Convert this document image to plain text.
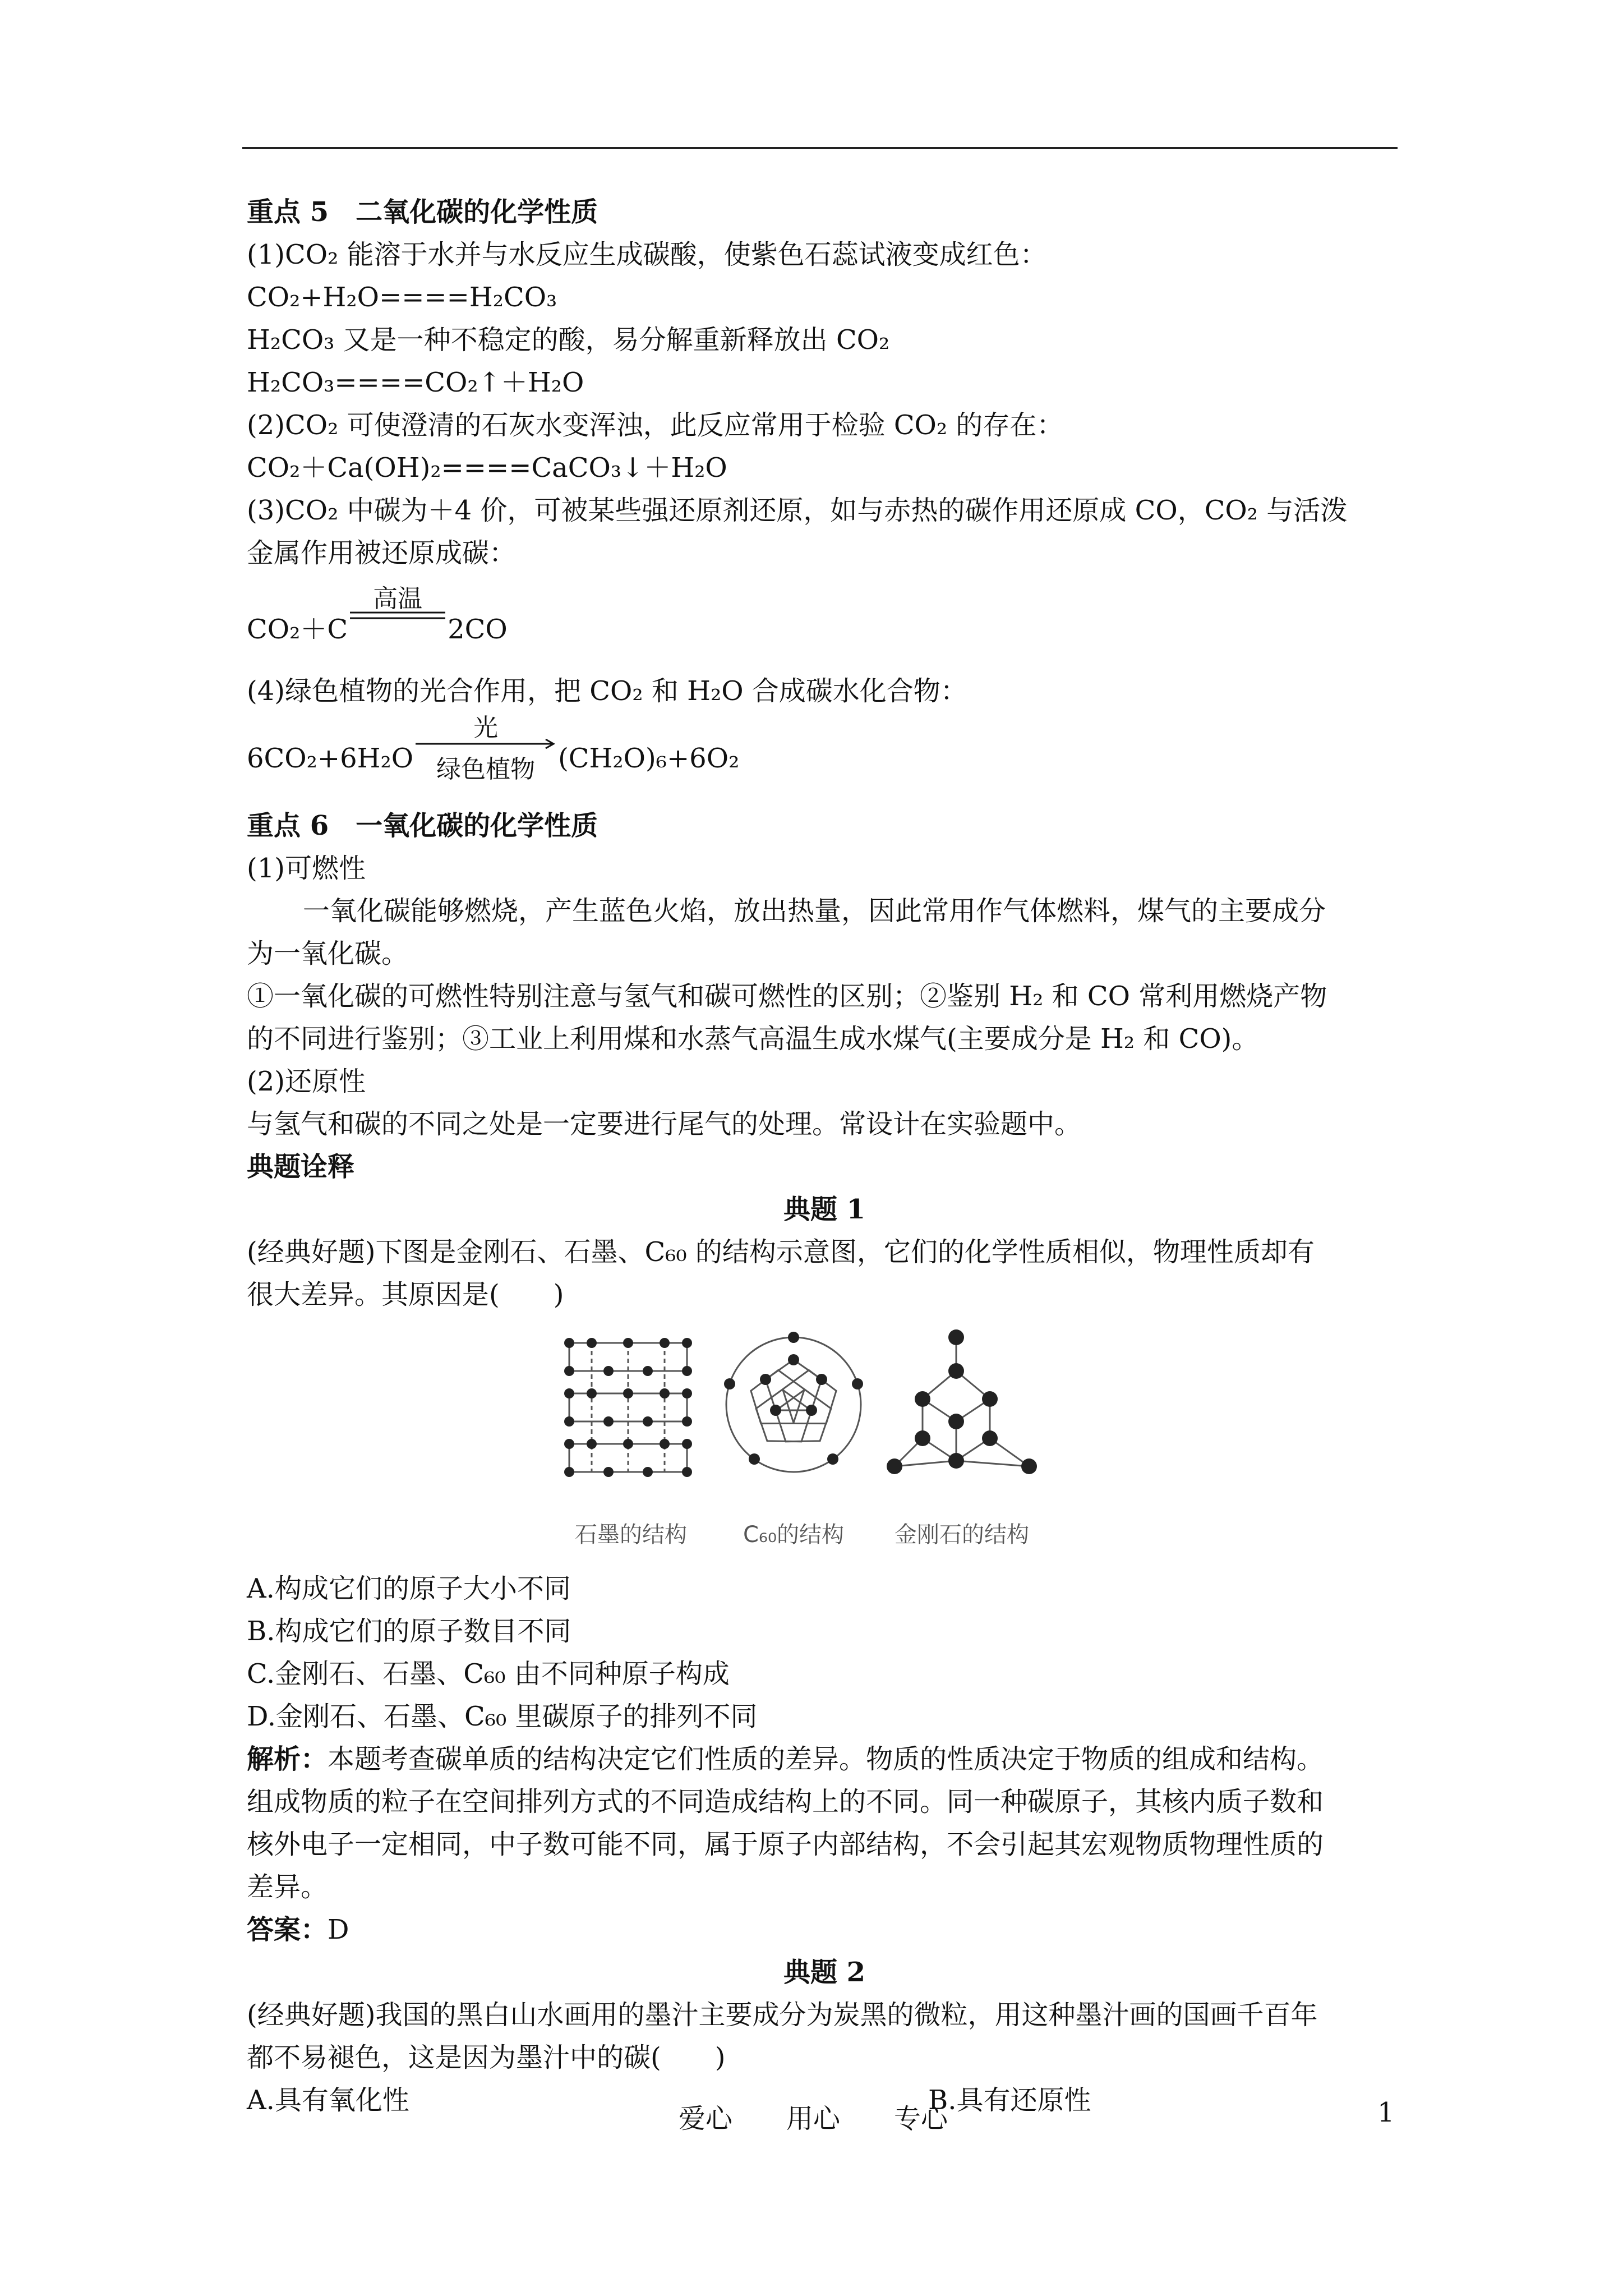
重点 5　二氧化碳的化学性质
(1)CO₂ 能溶于水并与水反应生成碳酸，使紫色石蕊试液变成红色：
CO₂+H₂O====H₂CO₃
H₂CO₃ 又是一种不稳定的酸，易分解重新释放出 CO₂
H₂CO₃====CO₂↑＋H₂O
(2)CO₂ 可使澄清的石灰水变浑浊，此反应常用于检验 CO₂ 的存在：
CO₂＋Ca(OH)₂====CaCO₃↓＋H₂O
(3)CO₂ 中碳为＋4 价，可被某些强还原剂还原，如与赤热的碳作用还原成 CO，CO₂ 与活泼
金属作用被还原成碳：
CO₂＋C
高温
2CO
(4)绿色植物的光合作用，把 CO₂ 和 H₂O 合成碳水化合物：
6CO₂+6H₂O
光
绿色植物 (CH₂O)₆+6O₂
重点 6　一氧化碳的化学性质
(1)可燃性
一氧化碳能够燃烧，产生蓝色火焰，放出热量，因此常用作气体燃料，煤气的主要成分
为一氧化碳。
①一氧化碳的可燃性特别注意与氢气和碳可燃性的区别；②鉴别 H₂ 和 CO 常利用燃烧产物
的不同进行鉴别；③工业上利用煤和水蒸气高温生成水煤气(主要成分是 H₂ 和 CO)。
(2)还原性
与氢气和碳的不同之处是一定要进行尾气的处理。常设计在实验题中。
典题诠释
典题 1
(经典好题)下图是金刚石、石墨、C₆₀ 的结构示意图，它们的化学性质相似，物理性质却有
很大差异。其原因是(　　)
石墨的结构	C₆₀的结构 金刚石的结构
A.构成它们的原子大小不同
B.构成它们的原子数目不同
C.金刚石、石墨、C₆₀ 由不同种原子构成
D.金刚石、石墨、C₆₀ 里碳原子的排列不同
解析：本题考查碳单质的结构决定它们性质的差异。物质的性质决定于物质的组成和结构。
组成物质的粒子在空间排列方式的不同造成结构上的不同。同一种碳原子，其核内质子数和
核外电子一定相同，中子数可能不同，属于原子内部结构，不会引起其宏观物质物理性质的
差异。
答案：D
典题 2
(经典好题)我国的黑白山水画用的墨汁主要成分为炭黑的微粒，用这种墨汁画的国画千百年
都不易褪色，这是因为墨汁中的碳(　　)
A.具有氧化性	B.具有还原性
爱心　　用心　　专心	1
